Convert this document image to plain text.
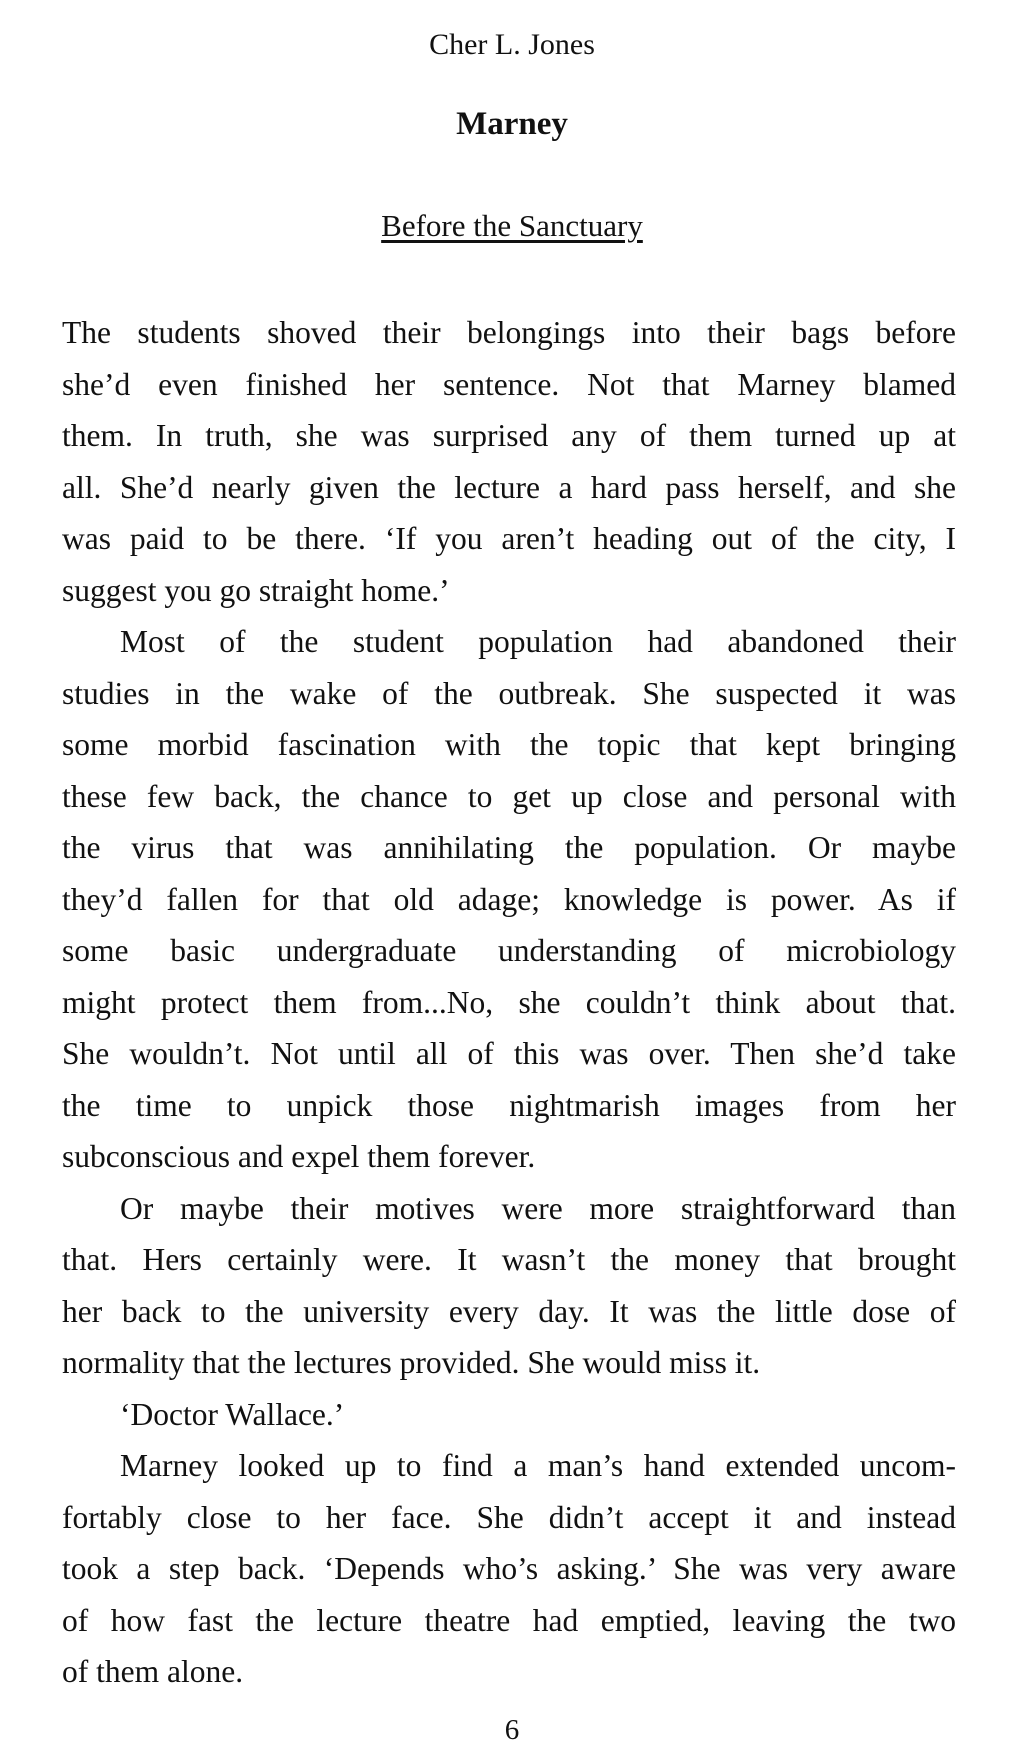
Cher L. Jones
Marney
Before the Sanctuary
The students shoved their belongings into their bags before
she’d even finished her sentence. Not that Marney blamed
them. In truth, she was surprised any of them turned up at
all. She’d nearly given the lecture a hard pass herself, and she
was paid to be there. ‘If you aren’t heading out of the city, I
suggest you go straight home.’
Most of the student population had abandoned their
studies in the wake of the outbreak. She suspected it was
some morbid fascination with the topic that kept bringing
these few back, the chance to get up close and personal with
the virus that was annihilating the population. Or maybe
they’d fallen for that old adage; knowledge is power. As if
some basic undergraduate understanding of microbiology
might protect them from...No, she couldn’t think about that.
She wouldn’t. Not until all of this was over. Then she’d take
the time to unpick those nightmarish images from her
subconscious and expel them forever.
Or maybe their motives were more straightforward than
that. Hers certainly were. It wasn’t the money that brought
her back to the university every day. It was the little dose of
normality that the lectures provided. She would miss it.
‘Doctor Wallace.’
Marney looked up to find a man’s hand extended uncom-
fortably close to her face. She didn’t accept it and instead
took a step back. ‘Depends who’s asking.’ She was very aware
of how fast the lecture theatre had emptied, leaving the two
of them alone.
6
